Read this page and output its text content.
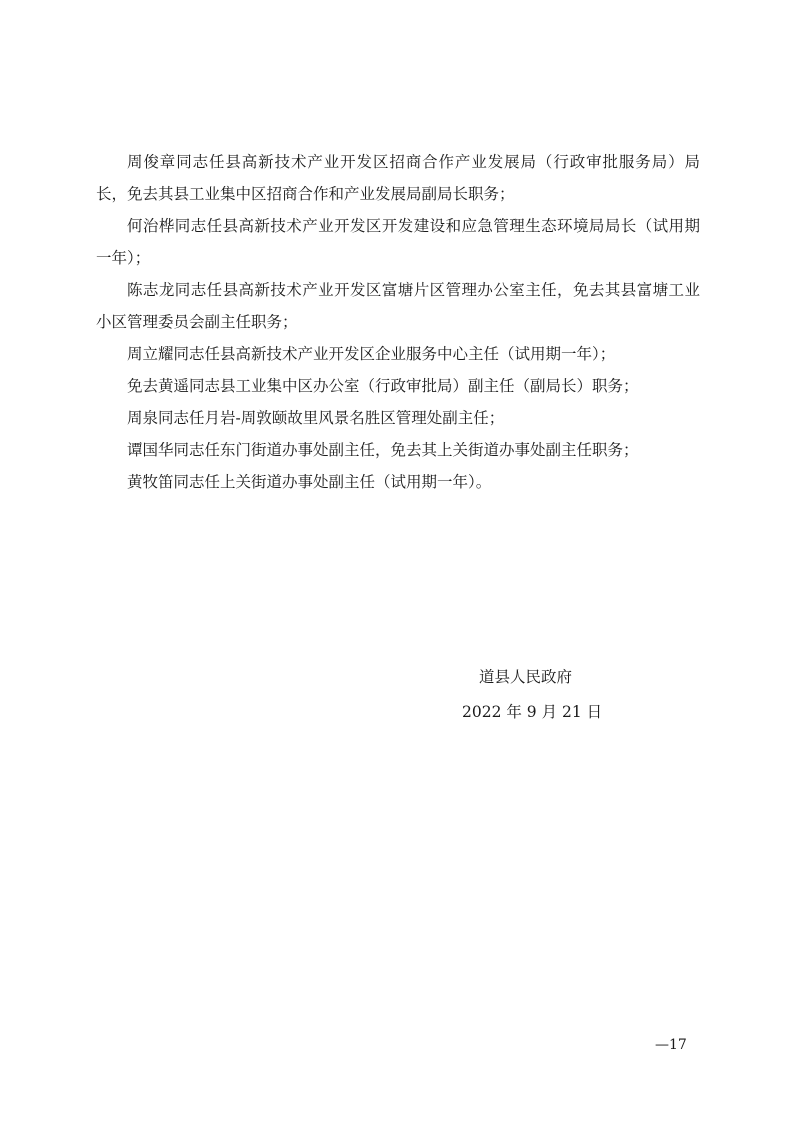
周俊章同志任县高新技术产业开发区招商合作产业发展局（行政审批服务局）局长，免去其县工业集中区招商合作和产业发展局副局长职务；

何治桦同志任县高新技术产业开发区开发建设和应急管理生态环境局局长（试用期一年）；

陈志龙同志任县高新技术产业开发区富塘片区管理办公室主任，免去其县富塘工业小区管理委员会副主任职务；

周立耀同志任县高新技术产业开发区企业服务中心主任（试用期一年）；

免去黄遥同志县工业集中区办公室（行政审批局）副主任（副局长）职务；

周泉同志任月岩-周敦颐故里风景名胜区管理处副主任；

谭国华同志任东门街道办事处副主任，免去其上关街道办事处副主任职务；

黄牧笛同志任上关街道办事处副主任（试用期一年）。

道县人民政府
2022 年 9 月 21 日
—17
